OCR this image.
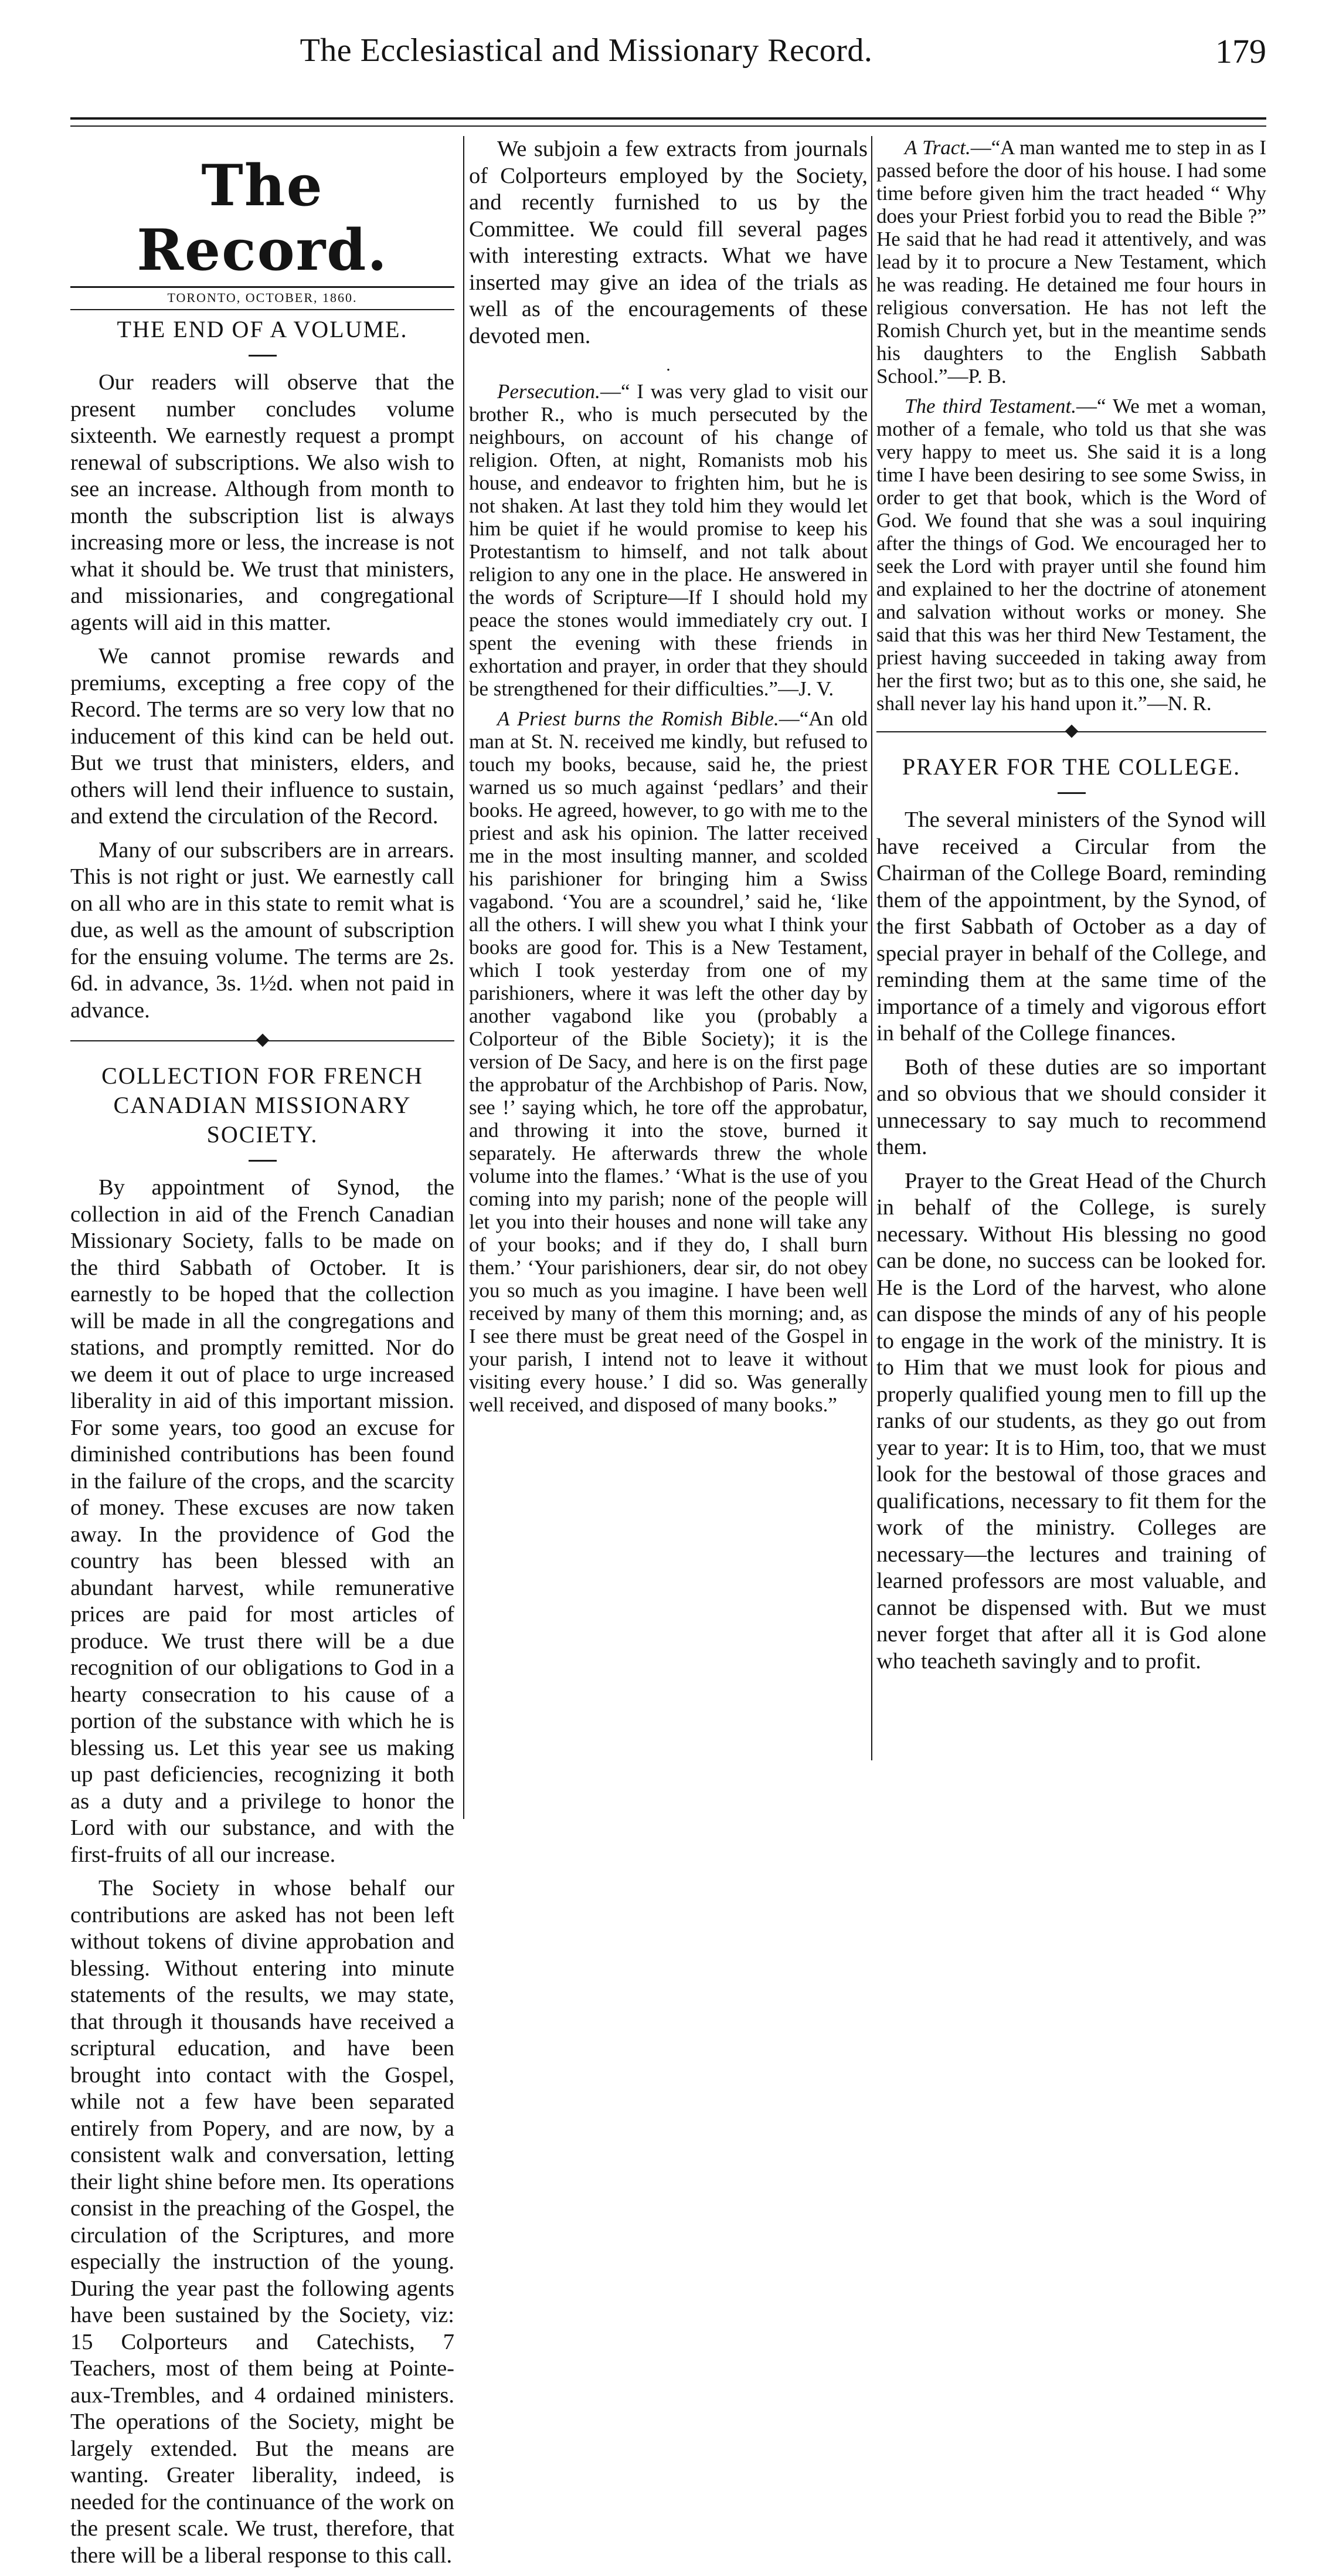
The Ecclesiastical and Missionary Record.	179
The Record.
TORONTO, OCTOBER, 1860.
THE END OF A VOLUME.

Our readers will observe that the present number concludes volume sixteenth. We earnestly request a prompt renewal of subscriptions. We also wish to see an increase. Although from month to month the subscription list is always increasing more or less, the increase is not what it should be. We trust that ministers, and missionaries, and congregational agents will aid in this matter.

We cannot promise rewards and premiums, excepting a free copy of the Record. The terms are so very low that no inducement of this kind can be held out. But we trust that ministers, elders, and others will lend their influence to sustain, and extend the circulation of the Record.

Many of our subscribers are in arrears. This is not right or just. We earnestly call on all who are in this state to remit what is due, as well as the amount of subscription for the ensuing volume. The terms are 2s. 6d. in advance, 3s. 1½d. when not paid in advance.

COLLECTION FOR FRENCH CANADIAN MISSIONARY SOCIETY.

By appointment of Synod, the collection in aid of the French Canadian Missionary Society, falls to be made on the third Sabbath of October. It is earnestly to be hoped that the collection will be made in all the congregations and stations, and promptly remitted. Nor do we deem it out of place to urge increased liberality in aid of this important mission. For some years, too good an excuse for diminished contributions has been found in the failure of the crops, and the scarcity of money. These excuses are now taken away. In the providence of God the country has been blessed with an abundant harvest, while remunerative prices are paid for most articles of produce. We trust there will be a due recognition of our obligations to God in a hearty consecration to his cause of a portion of the substance with which he is blessing us. Let this year see us making up past deficiencies, recognizing it both as a duty and a privilege to honor the Lord with our substance, and with the first-fruits of all our increase.

The Society in whose behalf our contributions are asked has not been left without tokens of divine approbation and blessing. Without entering into minute statements of the results, we may state, that through it thousands have received a scriptural education, and have been brought into contact with the Gospel, while not a few have been separated entirely from Popery, and are now, by a consistent walk and conversation, letting their light shine before men. Its operations consist in the preaching of the Gospel, the circulation of the Scriptures, and more especially the instruction of the young. During the year past the following agents have been sustained by the Society, viz: 15 Colporteurs and Catechists, 7 Teachers, most of them being at Pointe-aux-Trembles, and 4 ordained ministers. The operations of the Society, might be largely extended. But the means are wanting. Greater liberality, indeed, is needed for the continuance of the work on the present scale. We trust, therefore, that there will be a liberal response to this call.

We subjoin a few extracts from journals of Colporteurs employed by the Society, and recently furnished to us by the Committee. We could fill several pages with interesting extracts. What we have inserted may give an idea of the trials as well as of the encouragements of these devoted men.

.

Persecution.—“ I was very glad to visit our brother R., who is much persecuted by the neighbours, on account of his change of religion. Often, at night, Romanists mob his house, and endeavor to frighten him, but he is not shaken. At last they told him they would let him be quiet if he would promise to keep his Protestantism to himself, and not talk about religion to any one in the place. He answered in the words of Scripture—If I should hold my peace the stones would immediately cry out. I spent the evening with these friends in exhortation and prayer, in order that they should be strengthened for their difficulties.”—J. V.

A Priest burns the Romish Bible.—“An old man at St. N. received me kindly, but refused to touch my books, because, said he, the priest warned us so much against ‘pedlars’ and their books. He agreed, however, to go with me to the priest and ask his opinion. The latter received me in the most insulting manner, and scolded his parishioner for bringing him a Swiss vagabond. ‘You are a scoundrel,’ said he, ‘like all the others. I will shew you what I think your books are good for. This is a New Testament, which I took yesterday from one of my parishioners, where it was left the other day by another vagabond like you (probably a Colporteur of the Bible Society); it is the version of De Sacy, and here is on the first page the approbatur of the Archbishop of Paris. Now, see !’ saying which, he tore off the approbatur, and throwing it into the stove, burned it separately. He afterwards threw the whole volume into the flames.’ ‘What is the use of you coming into my parish; none of the people will let you into their houses and none will take any of your books; and if they do, I shall burn them.’ ‘Your parishioners, dear sir, do not obey you so much as you imagine. I have been well received by many of them this morning; and, as I see there must be great need of the Gospel in your parish, I intend not to leave it without visiting every house.’ I did so. Was generally well received, and disposed of many books.”

A Tract.—“A man wanted me to step in as I passed before the door of his house. I had some time before given him the tract headed “ Why does your Priest forbid you to read the Bible ?” He said that he had read it attentively, and was lead by it to procure a New Testament, which he was reading. He detained me four hours in religious conversation. He has not left the Romish Church yet, but in the meantime sends his daughters to the English Sabbath School.”—P. B.

The third Testament.—“ We met a woman, mother of a female, who told us that she was very happy to meet us. She said it is a long time I have been desiring to see some Swiss, in order to get that book, which is the Word of God. We found that she was a soul inquiring after the things of God. We encouraged her to seek the Lord with prayer until she found him and explained to her the doctrine of atonement and salvation without works or money. She said that this was her third New Testament, the priest having succeeded in taking away from her the first two; but as to this one, she said, he shall never lay his hand upon it.”—N. R.

PRAYER FOR THE COLLEGE.

The several ministers of the Synod will have received a Circular from the Chairman of the College Board, reminding them of the appointment, by the Synod, of the first Sabbath of October as a day of special prayer in behalf of the College, and reminding them at the same time of the importance of a timely and vigorous effort in behalf of the College finances.

Both of these duties are so important and so obvious that we should consider it unnecessary to say much to recommend them.

Prayer to the Great Head of the Church in behalf of the College, is surely necessary. Without His blessing no good can be done, no success can be looked for. He is the Lord of the harvest, who alone can dispose the minds of any of his people to engage in the work of the ministry. It is to Him that we must look for pious and properly qualified young men to fill up the ranks of our students, as they go out from year to year: It is to Him, too, that we must look for the bestowal of those graces and qualifications, necessary to fit them for the work of the ministry. Colleges are necessary—the lectures and training of learned professors are most valuable, and cannot be dispensed with. But we must never forget that after all it is God alone who teacheth savingly and to profit.
